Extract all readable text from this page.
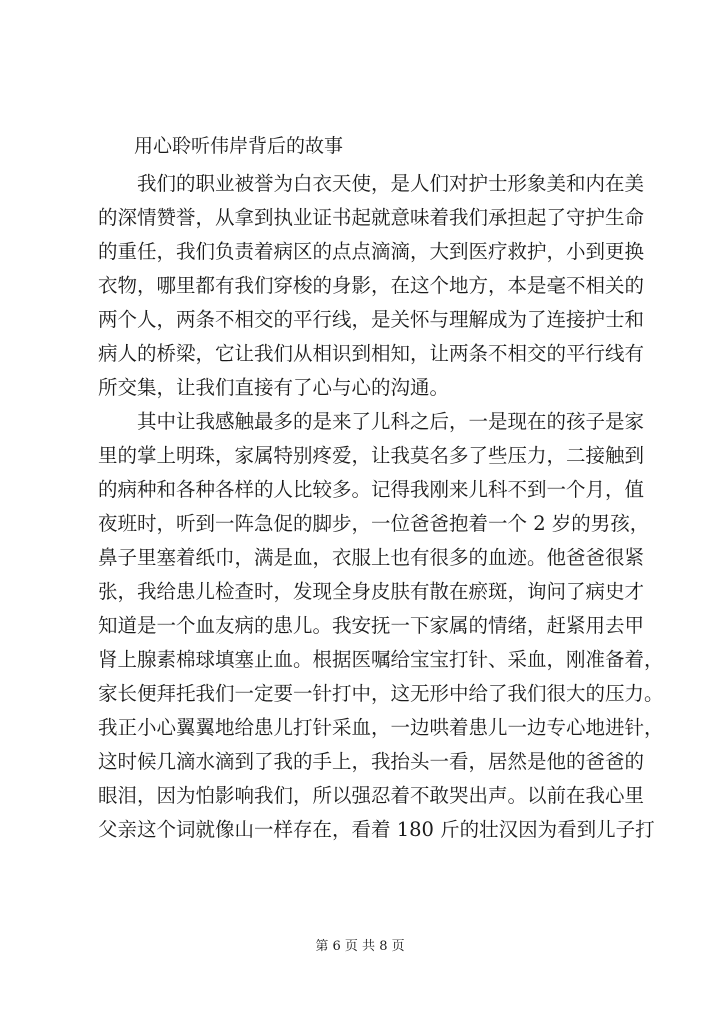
用心聆听伟岸背后的故事
我们的职业被誉为白衣天使，是人们对护士形象美和内在美
的深情赞誉，从拿到执业证书起就意味着我们承担起了守护生命
的重任，我们负责着病区的点点滴滴，大到医疗救护，小到更换
衣物，哪里都有我们穿梭的身影，在这个地方，本是毫不相关的
两个人，两条不相交的平行线，是关怀与理解成为了连接护士和
病人的桥梁，它让我们从相识到相知，让两条不相交的平行线有
所交集，让我们直接有了心与心的沟通。
其中让我感触最多的是来了儿科之后，一是现在的孩子是家
里的掌上明珠，家属特别疼爱，让我莫名多了些压力，二接触到
的病种和各种各样的人比较多。记得我刚来儿科不到一个月，值
夜班时，听到一阵急促的脚步，一位爸爸抱着一个 2 岁的男孩，
鼻子里塞着纸巾，满是血，衣服上也有很多的血迹。他爸爸很紧
张，我给患儿检查时，发现全身皮肤有散在瘀斑，询问了病史才
知道是一个血友病的患儿。我安抚一下家属的情绪，赶紧用去甲
肾上腺素棉球填塞止血。根据医嘱给宝宝打针、采血，刚准备着，
家长便拜托我们一定要一针打中，这无形中给了我们很大的压力。
我正小心翼翼地给患儿打针采血，一边哄着患儿一边专心地进针，
这时候几滴水滴到了我的手上，我抬头一看，居然是他的爸爸的
眼泪，因为怕影响我们，所以强忍着不敢哭出声。以前在我心里
父亲这个词就像山一样存在，看着 180 斤的壮汉因为看到儿子打
第 6 页 共 8 页
